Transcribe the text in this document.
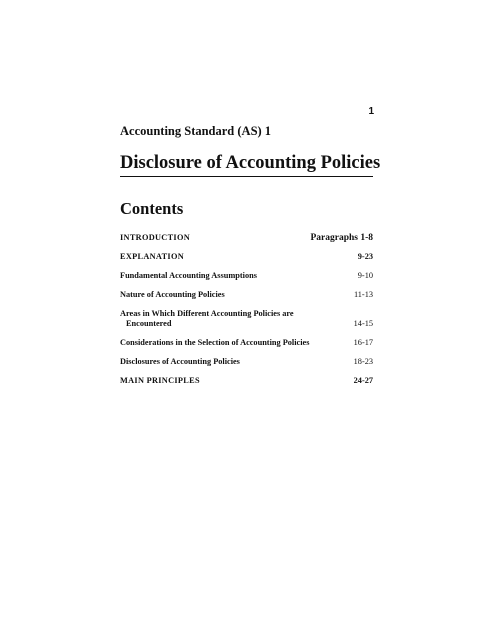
1
Accounting Standard (AS) 1
Disclosure of Accounting Policies
Contents
INTRODUCTION	Paragraphs 1-8
EXPLANATION	9-23
Fundamental Accounting Assumptions	9-10
Nature of Accounting Policies	11-13
Areas in Which Different Accounting Policies are
Encountered	14-15
Considerations in the Selection of Accounting Policies	16-17
Disclosures of Accounting Policies	18-23
MAIN PRINCIPLES	24-27
